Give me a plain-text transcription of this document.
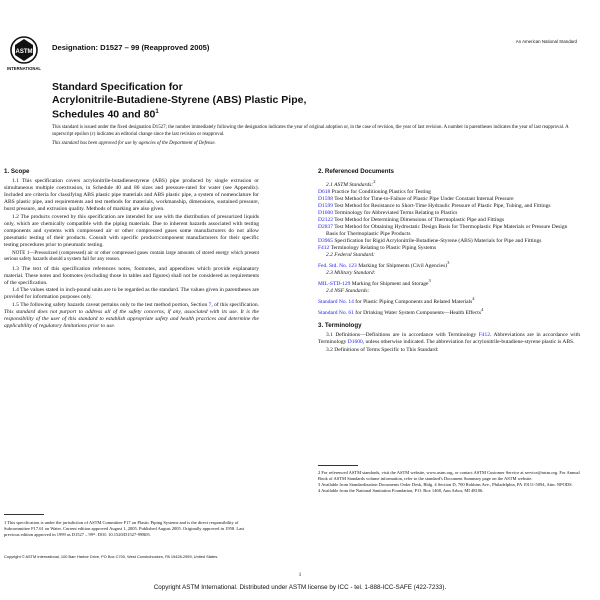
ASTM
INTERNATIONAL
Designation: D1527 – 99 (Reapproved 2005)
An American National Standard
Standard Specification for
Acrylonitrile-Butadiene-Styrene (ABS) Plastic Pipe,
Schedules 40 and $80^1$
This standard is issued under the fixed designation D1527; the number immediately following the designation indicates the year of original adoption or, in the case of revision, the year of last revision. A number in parentheses indicates the year of last reapproval. A superscript epsilon (ε) indicates an editorial change since the last revision or reapproval.
This standard has been approved for use by agencies of the Department of Defense.
1. Scope

1.1 This specification covers acrylonitrile-butadienestyrene (ABS) pipe produced by single extrusion or simultaneous multiple coextrusion, in Schedule 40 and 80 sizes and pressure-rated for water (see Appendix). Included are criteria for classifying ABS plastic pipe materials and ABS plastic pipe, a system of nomenclature for ABS plastic pipe, and requirements and test methods for materials, workmanship, dimensions, sustained pressure, burst pressure, and extrusion quality. Methods of marking are also given.

1.2 The products covered by this specification are intended for use with the distribution of pressurized liquids only, which are chemically compatible with the piping materials. Due to inherent hazards associated with testing components and systems with compressed air or other compressed gases some manufacturers do not allow pneumatic testing of their products. Consult with specific product/component manufacturers for their specific testing procedures prior to pneumatic testing.

NOTE 1—Pressurized (compressed) air or other compressed gases contain large amounts of stored energy which present serious safety hazards should a system fail for any reason.

1.3 The text of this specification references notes, footnotes, and appendixes which provide explanatory material. These notes and footnotes (excluding those in tables and figures) shall not be considered as requirements of the specification.

1.4 The values stated in inch-pound units are to be regarded as the standard. The values given in parentheses are provided for information purposes only.

1.5 The following safety hazards caveat pertains only to the test method portion, Section 7, of this specification. This standard does not purport to address all of the safety concerns, if any, associated with its use. It is the responsibility of the user of this standard to establish appropriate safety and health practices and determine the applicability of regulatory limitations prior to use.

1 This specification is under the jurisdiction of ASTM Committee F17 on Plastic Piping Systems and is the direct responsibility of Subcommittee F17.61 on Water. Current edition approved August 1, 2005. Published August 2005. Originally approved in 1958. Last previous edition approved in 1999 as D1527 – 99ᵉ¹. DOI: 10.1520/D1527-99R05.
2. Referenced Documents

2.1 ASTM Standards:$^2$

D618 Practice for Conditioning Plastics for Testing

D1598 Test Method for Time-to-Failure of Plastic Pipe Under Constant Internal Pressure

D1599 Test Method for Resistance to Short-Time Hydraulic Pressure of Plastic Pipe, Tubing, and Fittings

D1600 Terminology for Abbreviated Terms Relating to Plastics

D2122 Test Method for Determining Dimensions of Thermoplastic Pipe and Fittings

D2837 Test Method for Obtaining Hydrostatic Design Basis for Thermoplastic Pipe Materials or Pressure Design Basis for Thermoplastic Pipe Products

D3965 Specification for Rigid Acrylonitrile-Butadiene-Styrene (ABS) Materials for Pipe and Fittings

F412 Terminology Relating to Plastic Piping Systems

2.2 Federal Standard:

Fed. Std. No. 123 Marking for Shipments (Civil Agencies)$^3$

2.3 Military Standard:

MIL-STD-129 Marking for Shipment and Storage$^3$

2.4 NSF Standards:

Standard No. 14 for Plastic Piping Components and Related Materials$^4$

Standard No. 61 for Drinking Water System Components—Health Effects$^4$

3. Terminology

3.1 Definitions—Definitions are in accordance with Terminology F412. Abbreviations are in accordance with Terminology D1600, unless otherwise indicated. The abbreviation for acrylonitrile-butadiene-styrene plastic is ABS.

3.2 Definitions of Terms Specific to This Standard:

2 For referenced ASTM standards, visit the ASTM website, www.astm.org, or contact ASTM Customer Service at service@astm.org. For Annual Book of ASTM Standards volume information, refer to the standard's Document Summary page on the ASTM website.
3 Available from Standardization Documents Order Desk, Bldg. 4 Section D, 700 Robbins Ave., Philadelphia, PA 19111-5094, Attn: NPODS.
4 Available from the National Sanitation Foundation, P.O. Box 1468, Ann Arbor, MI 48106.
Copyright © ASTM International, 100 Barr Harbor Drive, PO Box C700, West Conshohocken, PA 19428-2959, United States.
1
Copyright ASTM International. Distributed under ASTM license by ICC - tel. 1-888-ICC-SAFE (422-7233).
